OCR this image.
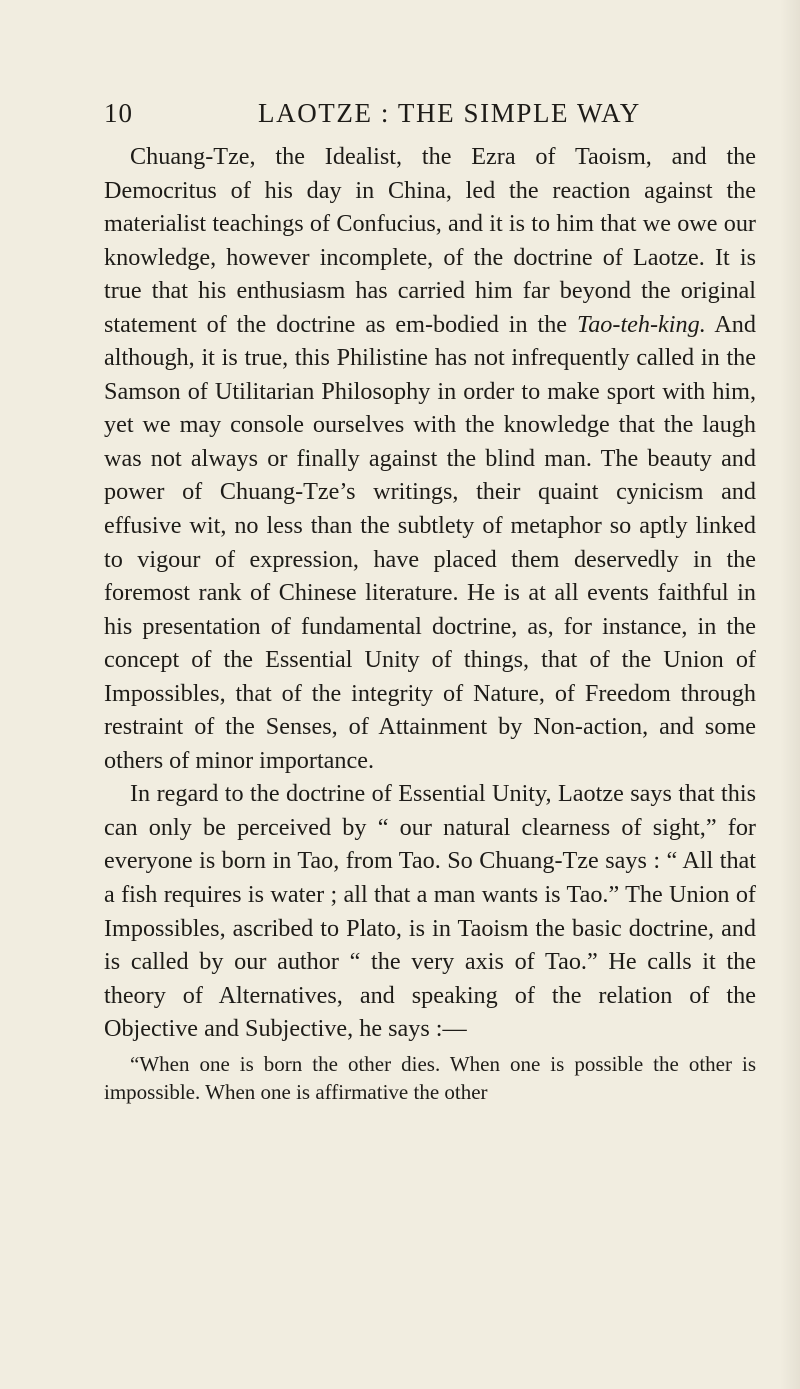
10	LAOTZE : THE SIMPLE WAY

Chuang-Tze, the Idealist, the Ezra of Taoism, and the Democritus of his day in China, led the reaction against the materialist teachings of Confucius, and it is to him that we owe our knowledge, however incomplete, of the doctrine of Laotze. It is true that his enthusiasm has carried him far beyond the original statement of the doctrine as em-bodied in the Tao-teh-king. And although, it is true, this Philistine has not infrequently called in the Samson of Utilitarian Philosophy in order to make sport with him, yet we may console ourselves with the knowledge that the laugh was not always or finally against the blind man. The beauty and power of Chuang-Tze’s writings, their quaint cynicism and effusive wit, no less than the subtlety of metaphor so aptly linked to vigour of expression, have placed them deservedly in the foremost rank of Chinese literature. He is at all events faithful in his presentation of fundamental doctrine, as, for instance, in the concept of the Essential Unity of things, that of the Union of Impossibles, that of the integrity of Nature, of Freedom through restraint of the Senses, of Attainment by Non-action, and some others of minor importance.

In regard to the doctrine of Essential Unity, Laotze says that this can only be perceived by “ our natural clearness of sight,” for everyone is born in Tao, from Tao. So Chuang-Tze says : “ All that a fish requires is water ; all that a man wants is Tao.” The Union of Impossibles, ascribed to Plato, is in Taoism the basic doctrine, and is called by our author “ the very axis of Tao.” He calls it the theory of Alternatives, and speaking of the relation of the Objective and Subjective, he says :—

“When one is born the other dies. When one is possible the other is impossible. When one is affirmative the other
